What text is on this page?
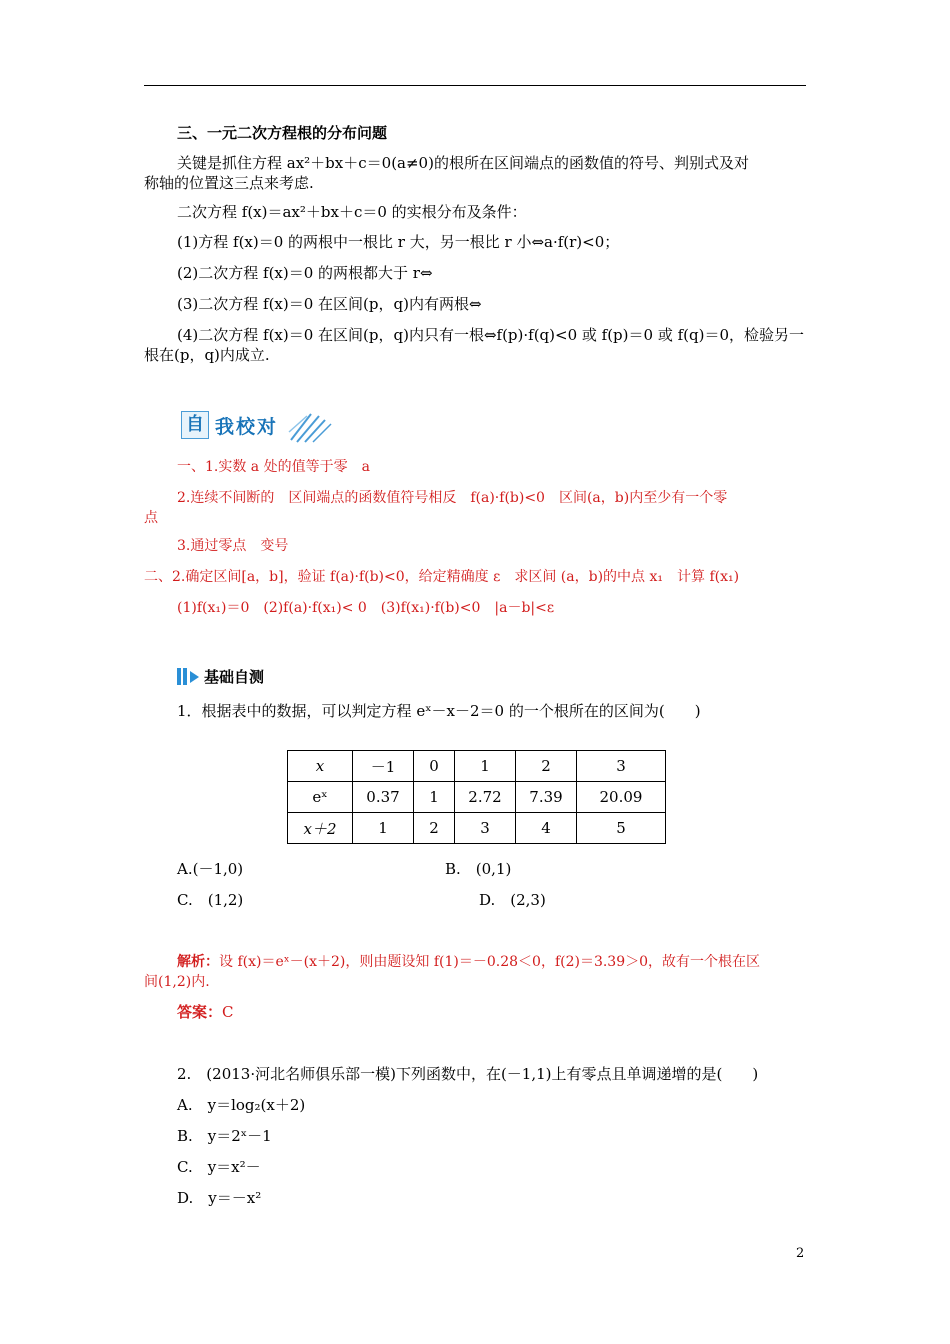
三、一元二次方程根的分布问题
关键是抓住方程 ax²＋bx＋c＝0(a≠0)的根所在区间端点的函数值的符号、判别式及对
称轴的位置这三点来考虑.
二次方程 f(x)＝ax²＋bx＋c＝0 的实根分布及条件：
(1)方程 f(x)＝0 的两根中一根比 r 大，另一根比 r 小⇔a·f(r)<0；
(2)二次方程 f(x)＝0 的两根都大于 r⇔
(3)二次方程 f(x)＝0 在区间(p，q)内有两根⇔
(4)二次方程 f(x)＝0 在区间(p，q)内只有一根⇔f(p)·f(q)<0 或 f(p)＝0 或 f(q)＝0，检验另一
根在(p，q)内成立.
自 我校对
一、1.实数 a 处的值等于零　a
2.连续不间断的　区间端点的函数值符号相反　f(a)·f(b)<0　区间(a，b)内至少有一个零
点
3.通过零点　变号
二、2.确定区间[a，b]，验证 f(a)·f(b)<0，给定精确度 ε　求区间 (a，b)的中点 x₁　计算 f(x₁)
(1)f(x₁)＝0　(2)f(a)·f(x₁)< 0　(3)f(x₁)·f(b)<0　|a－b|<ε
基础自测
1．根据表中的数据，可以判定方程 eˣ－x－2＝0 的一个根所在的区间为(　　)
x	－1	0	1	2	3
eˣ	0.37	1	2.72	7.39	20.09
x＋2	1	2	3	4	5
A.(－1,0)	B.　(0,1)
C.　(1,2)	D.　(2,3)
解析：设 f(x)＝eˣ－(x＋2)，则由题设知 f(1)＝－0.28＜0，f(2)＝3.39＞0，故有一个根在区
间(1,2)内.
答案：C
2.　(2013·河北名师俱乐部一模)下列函数中，在(－1,1)上有零点且单调递增的是(　　)
A.　y＝log₂(x＋2)
B.　y＝2ˣ－1
C.　y＝x²－
D.　y＝－x²
2
